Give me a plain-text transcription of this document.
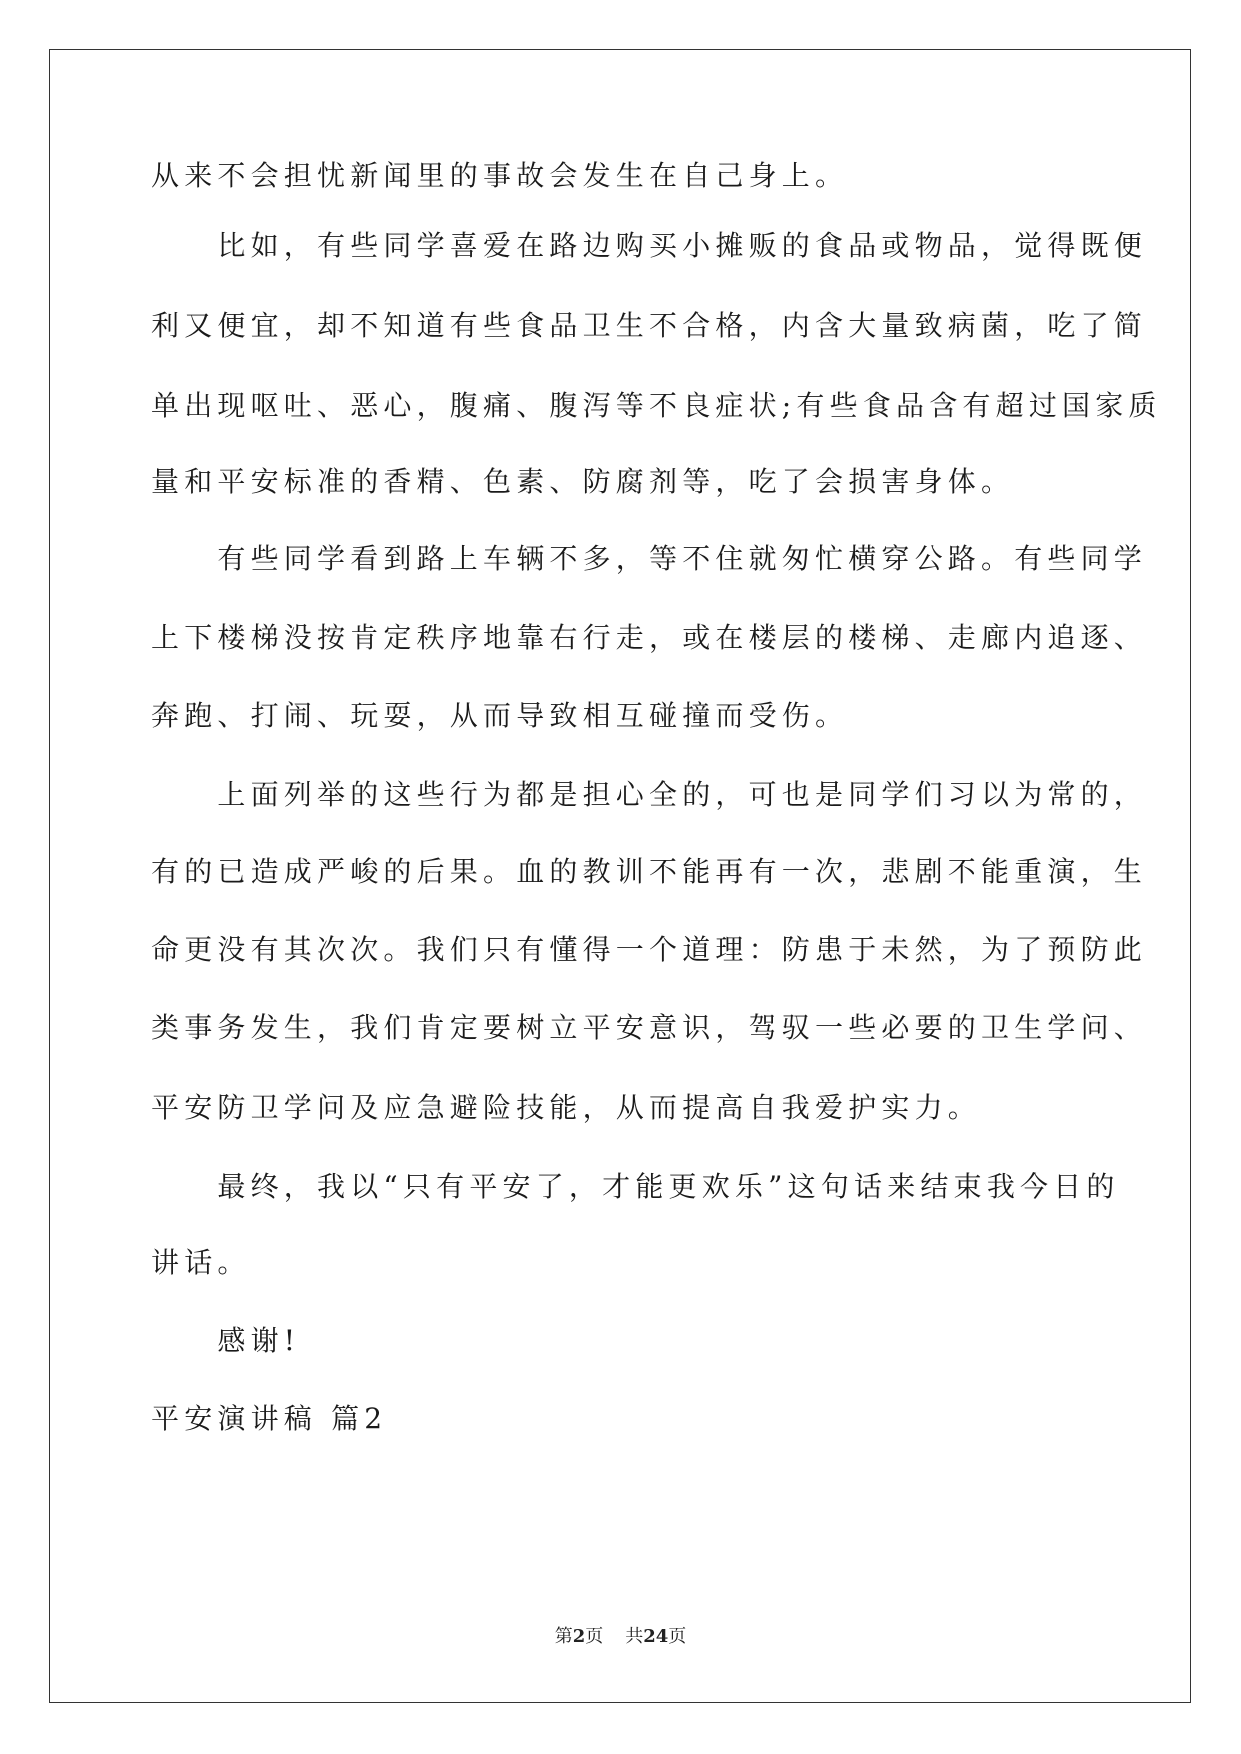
从来不会担忧新闻里的事故会发生在自己身上。

　　比如，有些同学喜爱在路边购买小摊贩的食品或物品，觉得既便

利又便宜，却不知道有些食品卫生不合格，内含大量致病菌，吃了简

单出现呕吐、恶心，腹痛、腹泻等不良症状;有些食品含有超过国家质

量和平安标准的香精、色素、防腐剂等，吃了会损害身体。

　　有些同学看到路上车辆不多，等不住就匆忙横穿公路。有些同学

上下楼梯没按肯定秩序地靠右行走，或在楼层的楼梯、走廊内追逐、

奔跑、打闹、玩耍，从而导致相互碰撞而受伤。

　　上面列举的这些行为都是担心全的，可也是同学们习以为常的，

有的已造成严峻的后果。血的教训不能再有一次，悲剧不能重演，生

命更没有其次次。我们只有懂得一个道理：防患于未然，为了预防此

类事务发生，我们肯定要树立平安意识，驾驭一些必要的卫生学问、

平安防卫学问及应急避险技能，从而提高自我爱护实力。

　　最终，我以“只有平安了，才能更欢乐”这句话来结束我今日的

讲话。

　　感谢!

平安演讲稿 篇2

第2页 共24页
